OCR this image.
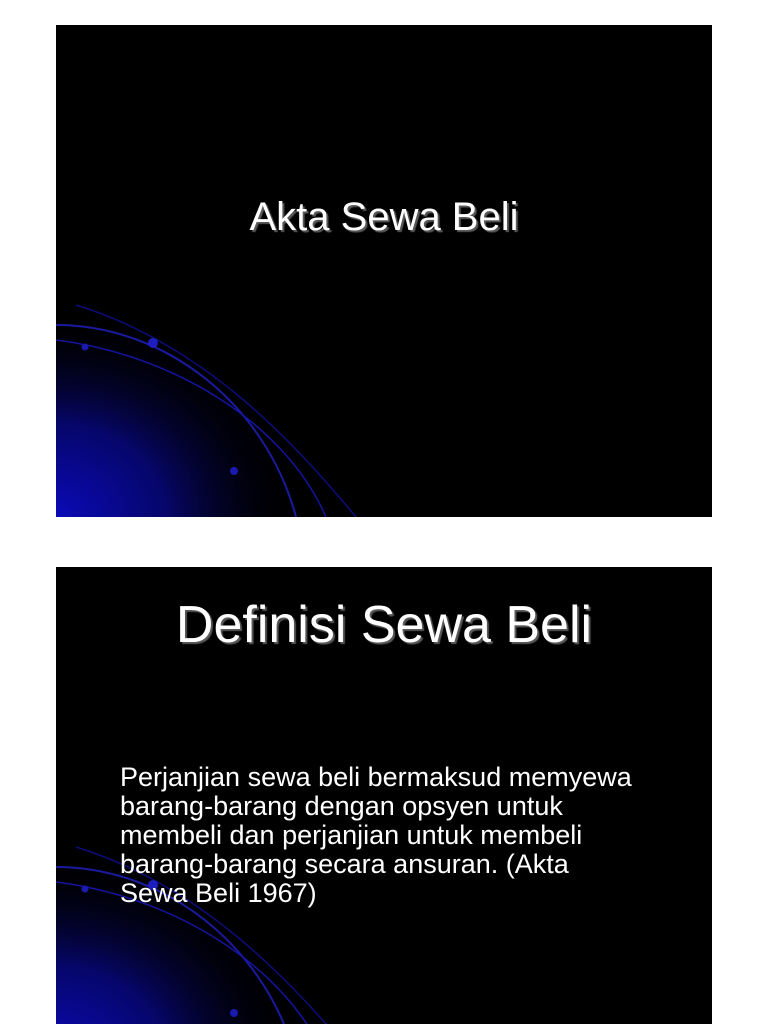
Akta Sewa Beli
Definisi Sewa Beli

Perjanjian sewa beli bermaksud memyewa
barang-barang dengan opsyen untuk
membeli dan perjanjian untuk membeli
barang-barang secara ansuran. (Akta
Sewa Beli 1967)
